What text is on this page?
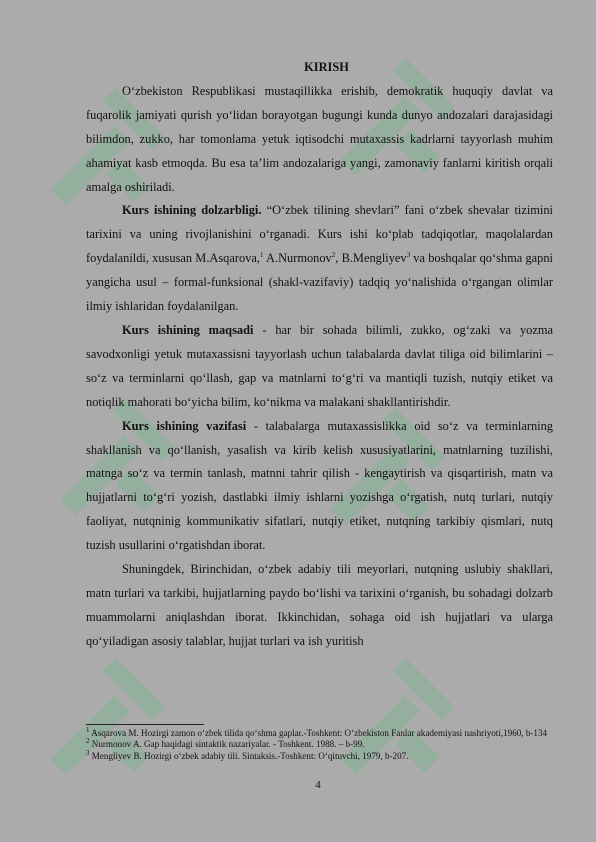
KIRISH

O‘zbekiston Respublikasi mustaqillikka erishib, demokratik huquqiy davlat va fuqarolik jamiyati qurish yo‘lidan borayotgan bugungi kunda dunyo andozalari darajasidagi bilimdon, zukko, har tomonlama yetuk iqtisodchi mutaxassis kadrlarni tayyorlash muhim ahamiyat kasb etmoqda. Bu esa ta’lim andozalariga yangi, zamonaviy fanlarni kiritish orqali amalga oshiriladi.

Kurs ishining dolzarbligi. “O‘zbek tilining shevlari” fani o‘zbek shevalar tizimini tarixini va uning rivojlanishini o‘rganadi. Kurs ishi ko‘plab tadqiqotlar, maqolalardan foydalanildi, xususan M.Asqarova,$^1$ A.Nurmonov$^2$, B.Mengliyev$^3$ va boshqalar qo‘shma gapni yangicha usul – formal-funksional (shakl-vazifaviy) tadqiq yo‘nalishida o‘rgangan olimlar ilmiy ishlaridan foydalanilgan.

Kurs ishining maqsadi - har bir sohada bilimli, zukko, og‘zaki va yozma savodxonligi yetuk mutaxassisni tayyorlash uchun talabalarda davlat tiliga oid bilimlarini – so‘z va terminlarni qo‘llash, gap va matnlarni to‘g‘ri va mantiqli tuzish, nutqiy etiket va notiqlik mahorati bo‘yicha bilim, ko‘nikma va malakani shakllantirishdir.

Kurs ishining vazifasi - talabalarga mutaxassislikka oid so‘z va terminlarning shakllanish va qo‘llanish, yasalish va kirib kelish xususiyatlarini, matnlarning tuzilishi, matnga so‘z va termin tanlash, matnni tahrir qilish - kengaytirish va qisqartirish, matn va hujjatlarni to‘g‘ri yozish, dastlabki ilmiy ishlarni yozishga o‘rgatish, nutq turlari, nutqiy faoliyat, nutqninig kommunikativ sifatlari, nutqiy etiket, nutqning tarkibiy qismlari, nutq tuzish usullarini o‘rgatishdan iborat.

Shuningdek, Birinchidan, o‘zbek adabiy tili meyorlari, nutqning uslubiy shakllari, matn turlari va tarkibi, hujjatlarning paydo bo‘lishi va tarixini o‘rganish, bu sohadagi dolzarb muammolarni aniqlashdan iborat. Ikkinchidan, sohaga oid ish hujjatlari va ularga qo‘yiladigan asosiy talablar, hujjat turlari va ish yuritish

$^1$ Asqarova M. Hozirgi zamon o‘zbek tilida qo‘shma gaplar.-Toshkent: O‘zbekiston Fanlar akademiyasi nashriyoti,1960, b-134
$^2$ Nurmonov A. Gap haqidagi sintaktik nazariyalar. - Toshkent. 1988. – b-99.
$^3$ Mengliyev B. Hozirgi o‘zbek adabiy tili. Sintaksis.-Toshkent: O‘qituvchi, 1979, b-207.
4
